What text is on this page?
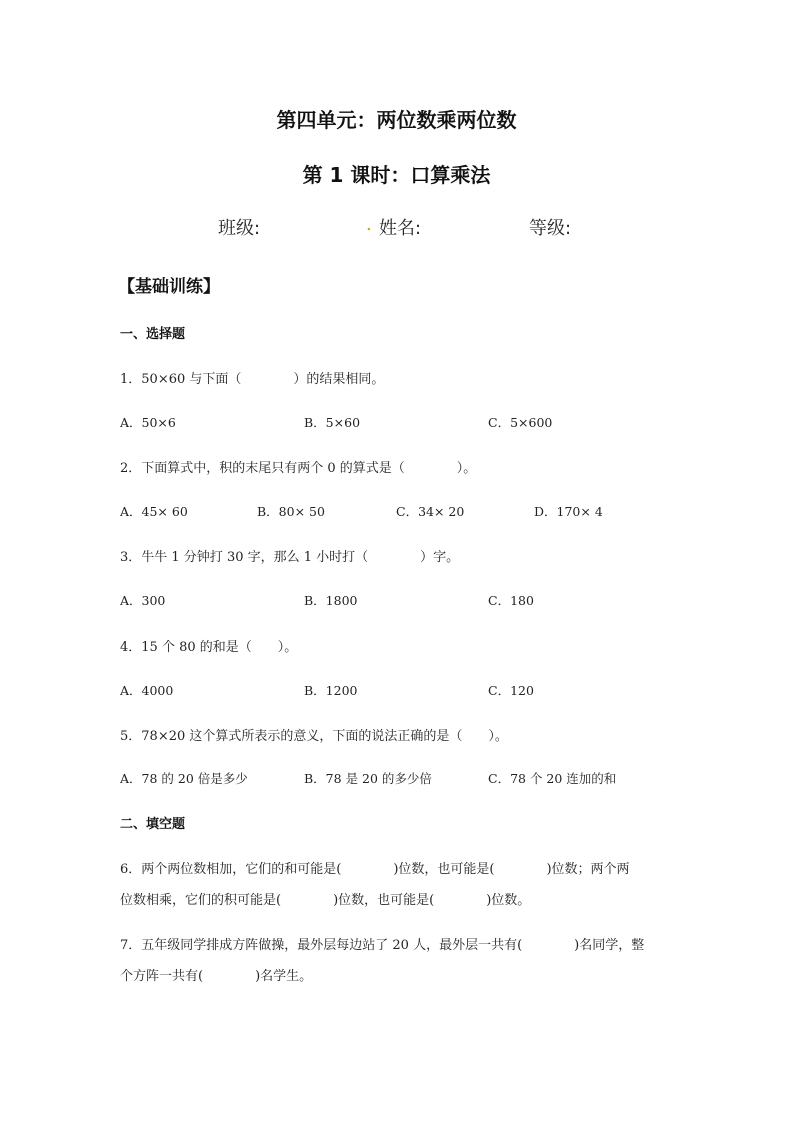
第四单元：两位数乘两位数
第 1 课时：口算乘法
班级:	. 姓名:	等级:
【基础训练】
一、选择题
1．50×60 与下面（　　　　）的结果相同。
A．50×6	B．5×60	C．5×600
2．下面算式中，积的末尾只有两个 0 的算式是（　　　　）。
A．45× 60	B．80× 50	C．34× 20	D．170× 4
3．牛牛 1 分钟打 30 字，那么 1 小时打（　　　　）字。
A．300	B．1800	C．180
4．15 个 80 的和是（　　）。
A．4000	B．1200	C．120
5．78×20 这个算式所表示的意义，下面的说法正确的是（　　）。
A．78 的 20 倍是多少	B．78 是 20 的多少倍	C．78 个 20 连加的和
二、填空题
6．两个两位数相加，它们的和可能是(　　　　)位数，也可能是(　　　　)位数；两个两
位数相乘，它们的积可能是(　　　　)位数，也可能是(　　　　)位数。
7．五年级同学排成方阵做操，最外层每边站了 20 人，最外层一共有(　　　　)名同学，整
个方阵一共有(　　　　)名学生。
